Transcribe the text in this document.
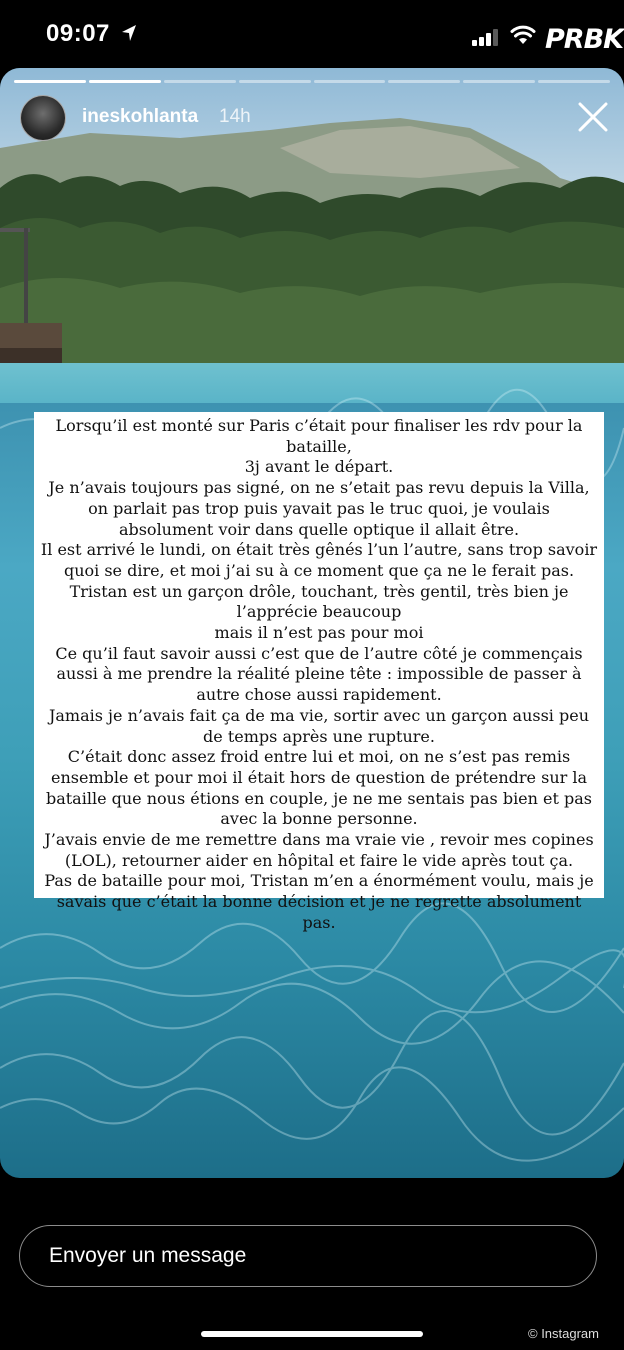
09:07	PRBK
ineskohlanta 14h

Lorsqu’il est monté sur Paris c’était pour finaliser les rdv pour la bataille,
3j avant le départ.
Je n’avais toujours pas signé, on ne s’etait pas revu depuis la Villa, on parlait pas trop puis yavait pas le truc quoi, je voulais absolument voir dans quelle optique il allait être.
Il est arrivé le lundi, on était très gênés l’un l’autre, sans trop savoir quoi se dire, et moi j’ai su à ce moment que ça ne le ferait pas.
Tristan est un garçon drôle, touchant, très gentil, très bien je l’apprécie beaucoup
mais il n’est pas pour moi
Ce qu’il faut savoir aussi c’est que de l’autre côté je commençais aussi à me prendre la réalité pleine tête : impossible de passer à autre chose aussi rapidement.
Jamais je n’avais fait ça de ma vie, sortir avec un garçon aussi peu de temps après une rupture.
C’était donc assez froid entre lui et moi, on ne s’est pas remis ensemble et pour moi il était hors de question de prétendre sur la bataille que nous étions en couple, je ne me sentais pas bien et pas avec la bonne personne.
J’avais envie de me remettre dans ma vraie vie , revoir mes copines (LOL), retourner aider en hôpital et faire le vide après tout ça.
Pas de bataille pour moi, Tristan m’en a énormément voulu, mais je savais que c’était la bonne décision et je ne regrette absolument pas.

Envoyer un message
© Instagram
